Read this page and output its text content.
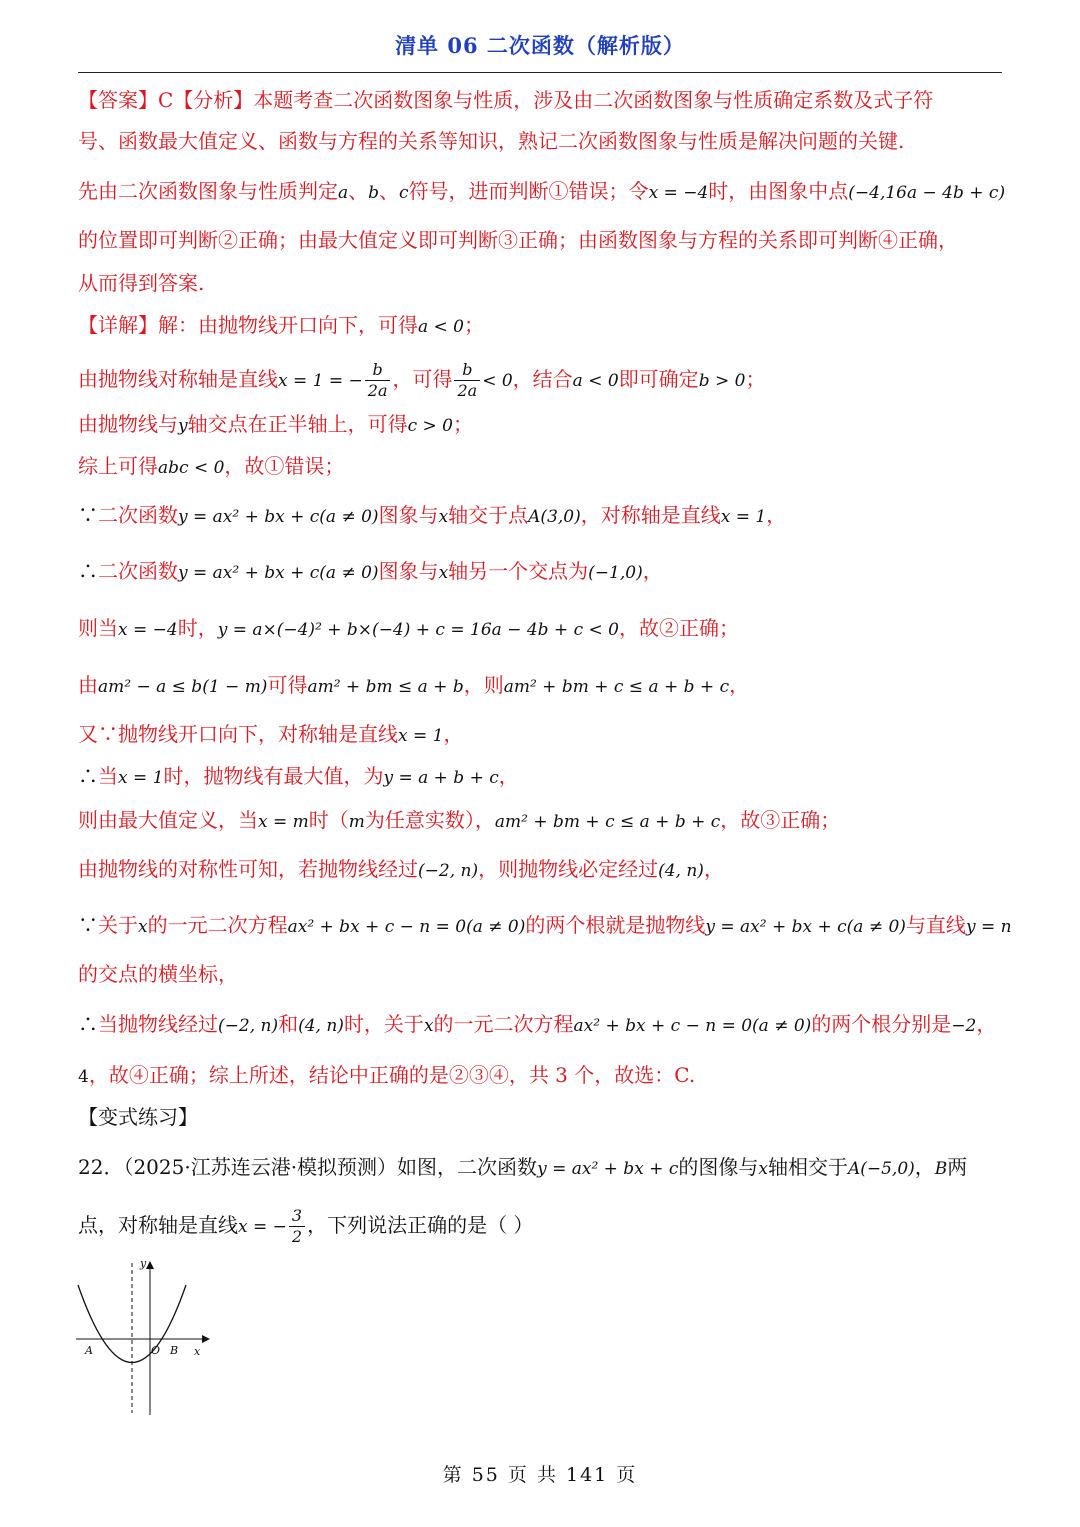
清单 06 二次函数（解析版）
【答案】C【分析】本题考查二次函数图象与性质，涉及由二次函数图象与性质确定系数及式子符
号、函数最大值定义、函数与方程的关系等知识，熟记二次函数图象与性质是解决问题的关键.
先由二次函数图象与性质判定a、b、c符号，进而判断①错误；令x = −4时，由图象中点(−4,16a − 4b + c)
的位置即可判断②正确；由最大值定义即可判断③正确；由函数图象与方程的关系即可判断④正确，
从而得到答案.
【详解】解：由抛物线开口向下，可得a < 0；
由抛物线对称轴是直线x = 1 = − $\frac{b}{2a}$ ，可得 $\frac{b}{2a} < 0$，结合a < 0即可确定b > 0；
由抛物线与y轴交点在正半轴上，可得c > 0；
综上可得abc < 0，故①错误；
∵二次函数y = ax² + bx + c(a ≠ 0)图象与x轴交于点A(3,0)，对称轴是直线x = 1，
∴二次函数y = ax² + bx + c(a ≠ 0)图象与x轴另一个交点为(−1,0)，
则当x = −4时，y = a×(−4)² + b×(−4) + c = 16a − 4b + c < 0，故②正确；
由am² − a ≤ b(1 − m)可得am² + bm ≤ a + b，则am² + bm + c ≤ a + b + c，
又∵抛物线开口向下，对称轴是直线x = 1，
∴当x = 1时，抛物线有最大值，为y = a + b + c，
则由最大值定义，当x = m时（m为任意实数），am² + bm + c ≤ a + b + c，故③正确；
由抛物线的对称性可知，若抛物线经过(−2, n)，则抛物线必定经过(4, n)，
∵关于x的一元二次方程ax² + bx + c − n = 0(a ≠ 0)的两个根就是抛物线y = ax² + bx + c(a ≠ 0)与直线y = n
的交点的横坐标，
∴当抛物线经过(−2, n)和(4, n)时，关于x的一元二次方程ax² + bx + c − n = 0(a ≠ 0)的两个根分别是−2，
4，故④正确；综上所述，结论中正确的是②③④，共 3 个，故选：C.
【变式练习】
22．（2025·江苏连云港·模拟预测）如图，二次函数y = ax² + bx + c的图像与x轴相交于A(−5,0)，B两
点，对称轴是直线x = − $\frac{3}{2}$ ，下列说法正确的是（ ）
y
x
A	O B
第 55 页 共 141 页
